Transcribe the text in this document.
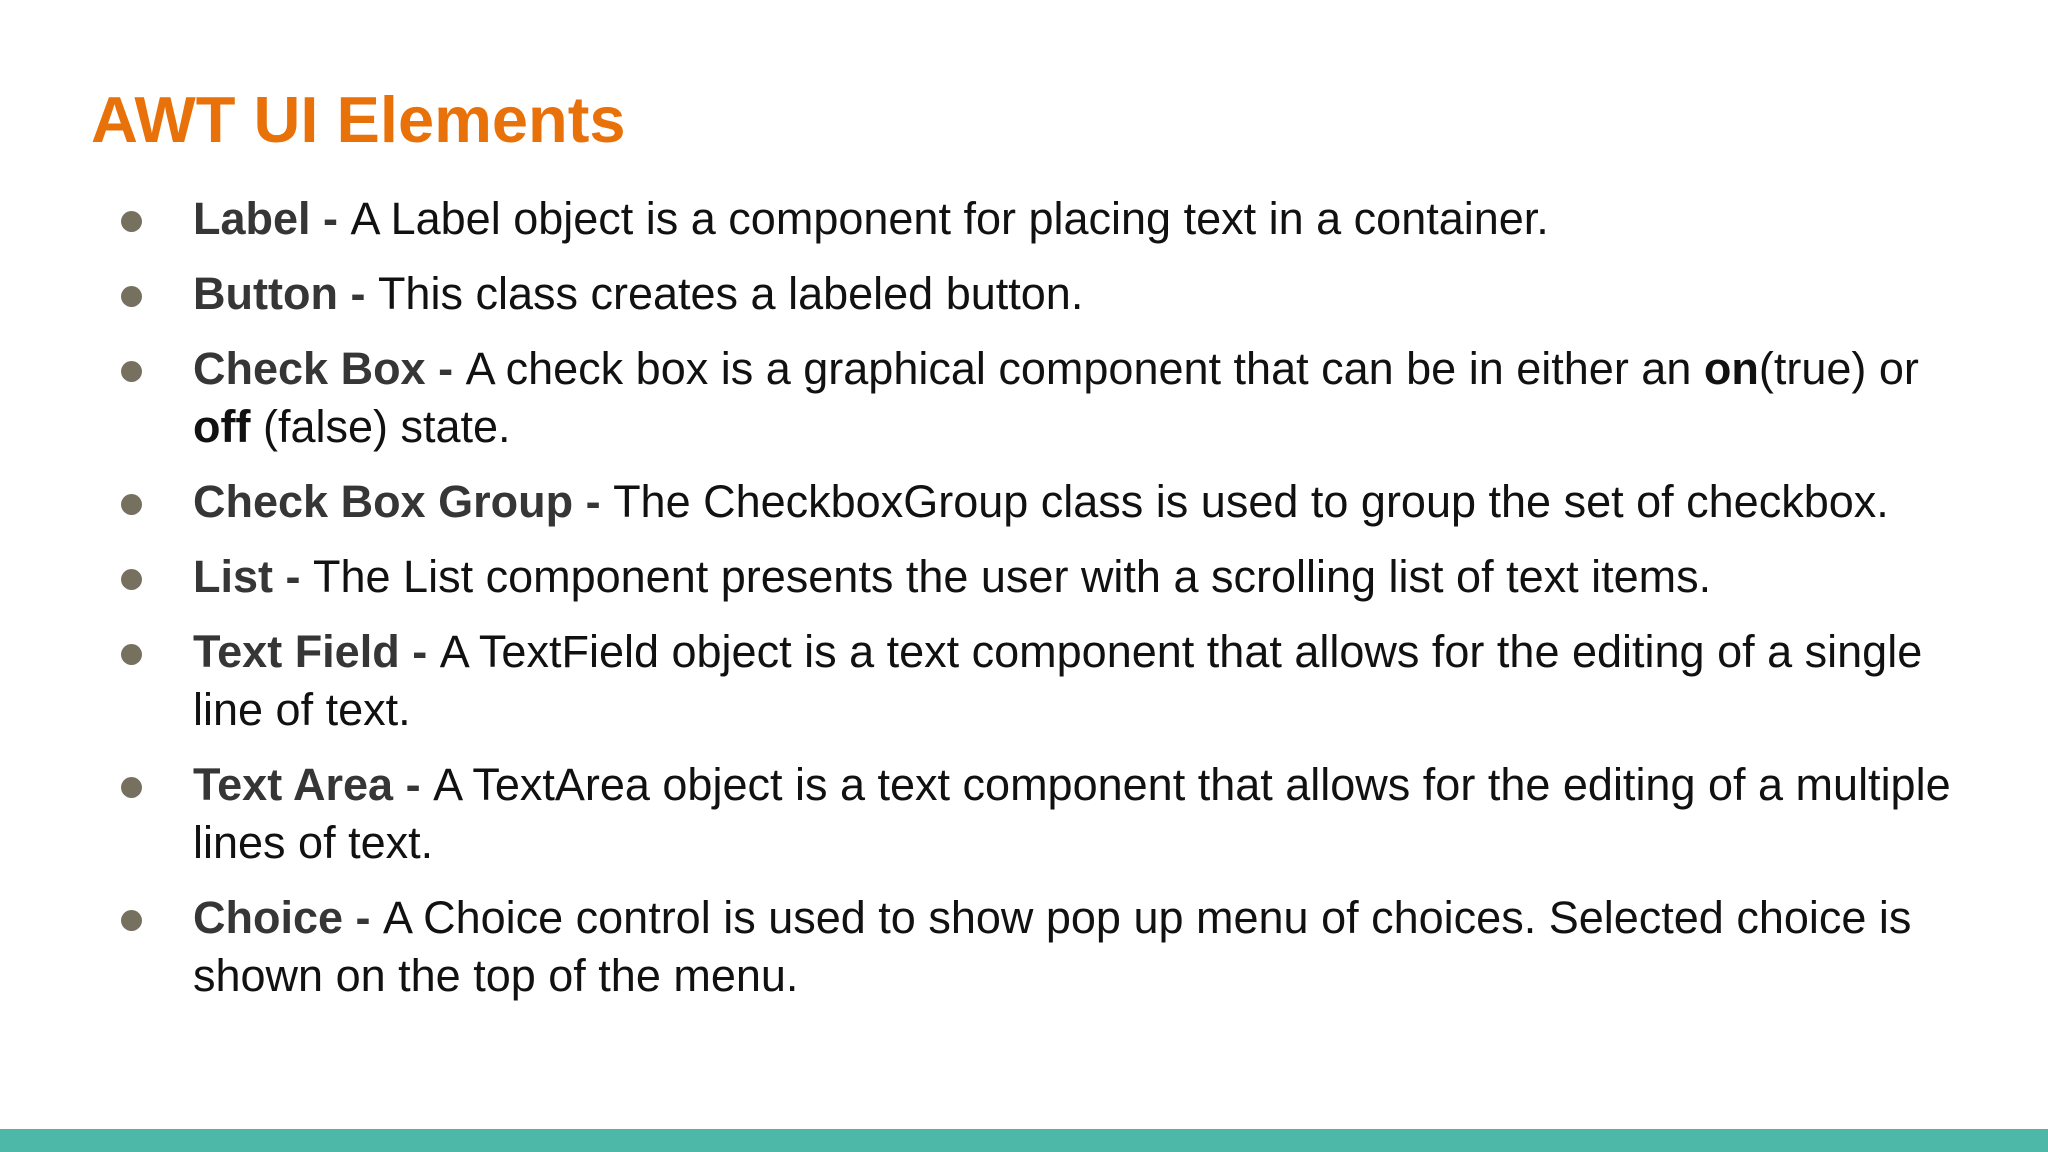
AWT UI Elements
Label - A Label object is a component for placing text in a container.
Button - This class creates a labeled button.
Check Box - A check box is a graphical component that can be in either an on(true) or off (false) state.
Check Box Group - The CheckboxGroup class is used to group the set of checkbox.
List - The List component presents the user with a scrolling list of text items.
Text Field - A TextField object is a text component that allows for the editing of a single line of text.
Text Area - A TextArea object is a text component that allows for the editing of a multiple lines of text.
Choice - A Choice control is used to show pop up menu of choices. Selected choice is shown on the top of the menu.
